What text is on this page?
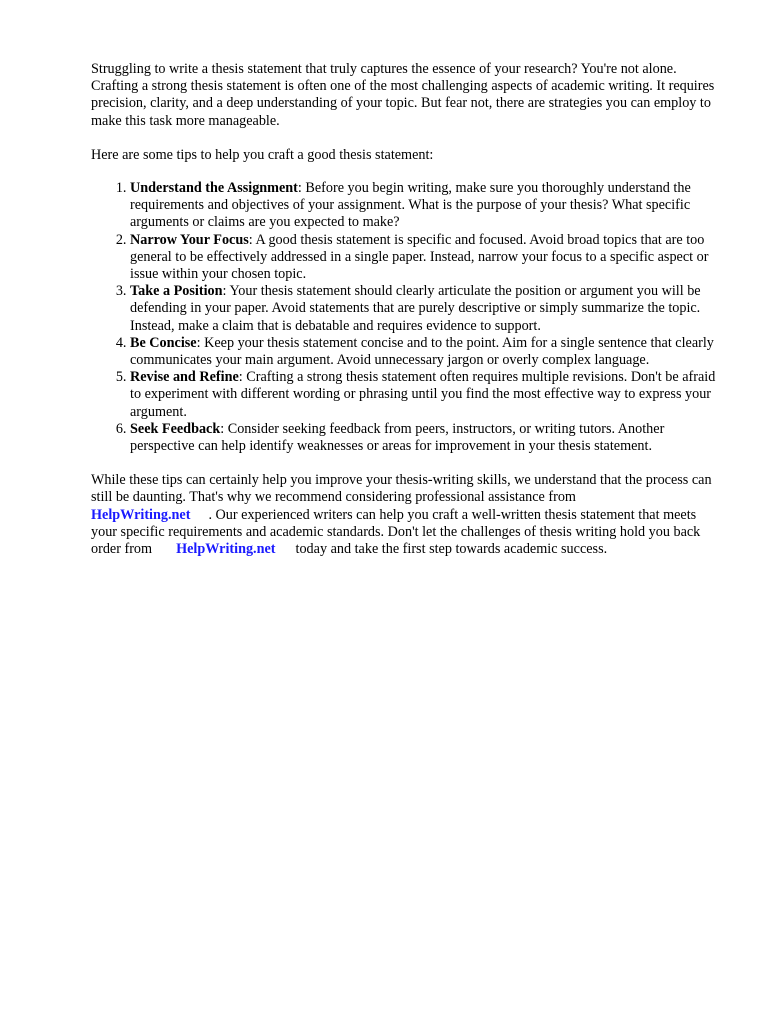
Struggling to write a thesis statement that truly captures the essence of your research? You're not alone. Crafting a strong thesis statement is often one of the most challenging aspects of academic writing. It requires precision, clarity, and a deep understanding of your topic. But fear not, there are strategies you can employ to make this task more manageable.

Here are some tips to help you craft a good thesis statement:

1. Understand the Assignment: Before you begin writing, make sure you thoroughly understand the requirements and objectives of your assignment. What is the purpose of your thesis? What specific arguments or claims are you expected to make?
2. Narrow Your Focus: A good thesis statement is specific and focused. Avoid broad topics that are too general to be effectively addressed in a single paper. Instead, narrow your focus to a specific aspect or issue within your chosen topic.
3. Take a Position: Your thesis statement should clearly articulate the position or argument you will be defending in your paper. Avoid statements that are purely descriptive or simply summarize the topic. Instead, make a claim that is debatable and requires evidence to support.
4. Be Concise: Keep your thesis statement concise and to the point. Aim for a single sentence that clearly communicates your main argument. Avoid unnecessary jargon or overly complex language.
5. Revise and Refine: Crafting a strong thesis statement often requires multiple revisions. Don't be afraid to experiment with different wording or phrasing until you find the most effective way to express your argument.
6. Seek Feedback: Consider seeking feedback from peers, instructors, or writing tutors. Another perspective can help identify weaknesses or areas for improvement in your thesis statement.

While these tips can certainly help you improve your thesis-writing skills, we understand that the process can still be daunting. That's why we recommend considering professional assistance from
HelpWriting.net . Our experienced writers can help you craft a well-written thesis statement that meets your specific requirements and academic standards. Don't let the challenges of thesis writing hold you backorder from HelpWriting.net today and take the first step towards academic success.
